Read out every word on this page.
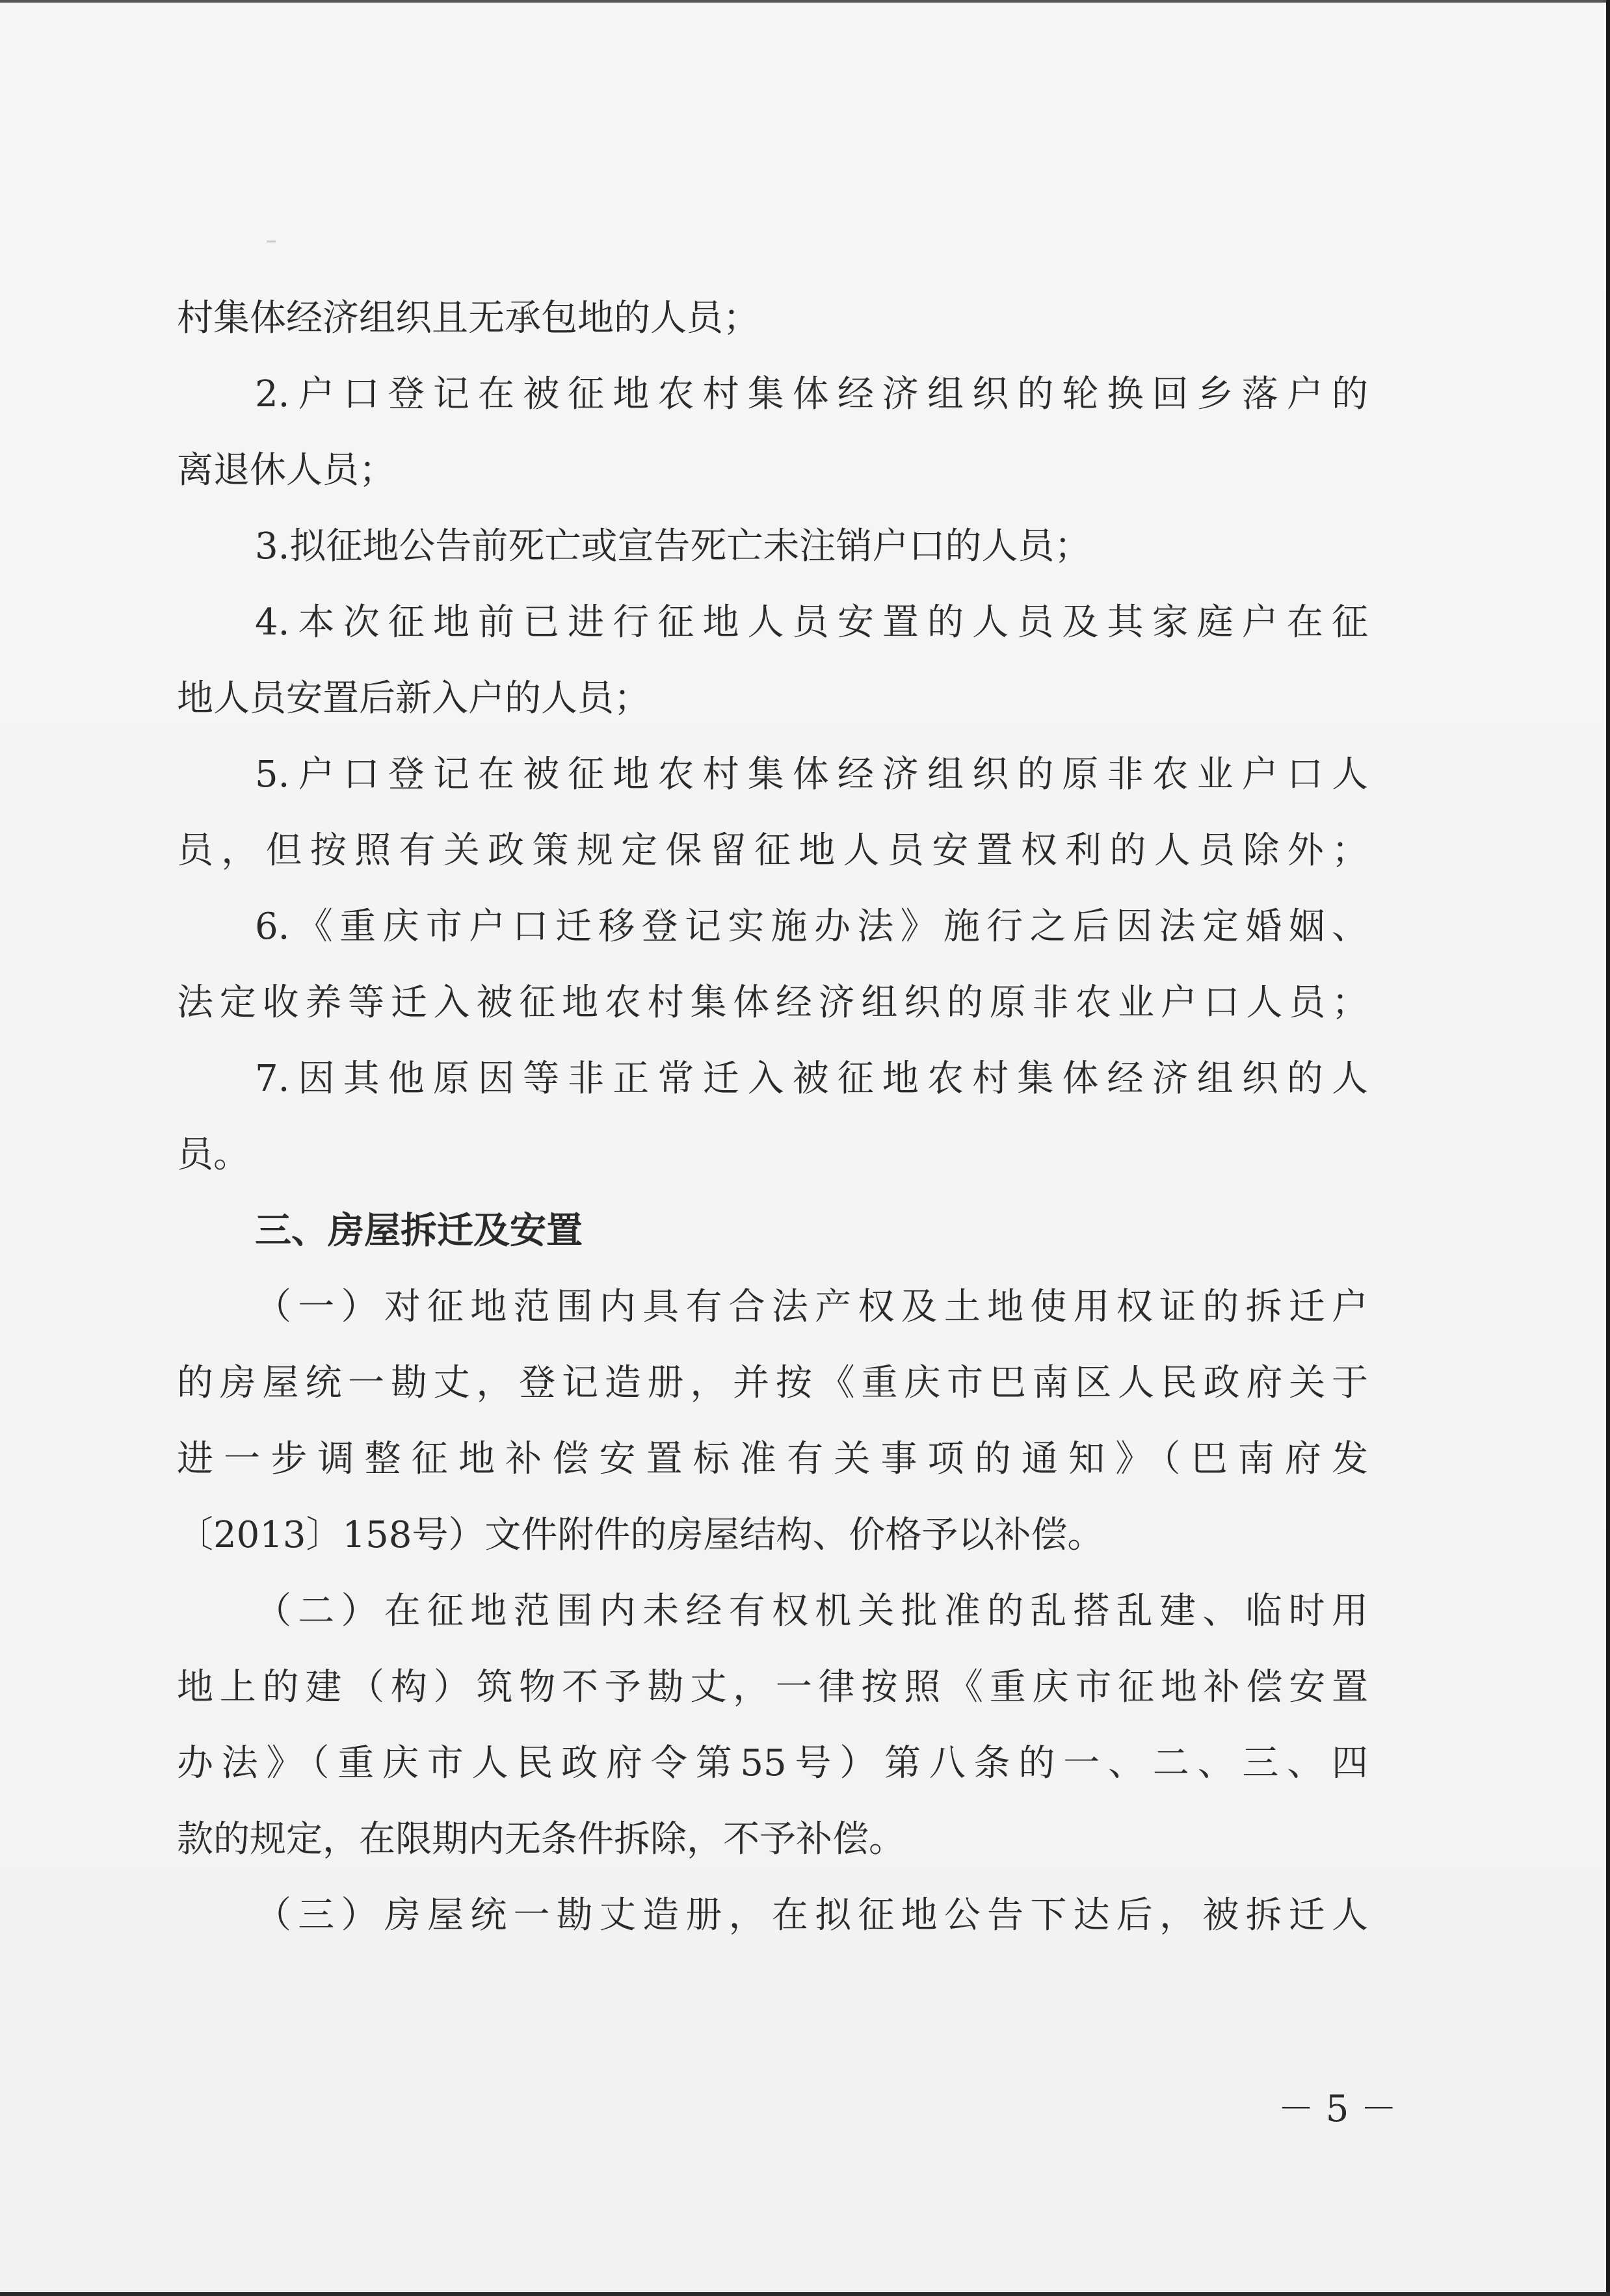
村集体经济组织且无承包地的人员；
2.户口登记在被征地农村集体经济组织的轮换回乡落户的
离退休人员；
3.拟征地公告前死亡或宣告死亡未注销户口的人员；
4.本次征地前已进行征地人员安置的人员及其家庭户在征
地人员安置后新入户的人员；
5.户口登记在被征地农村集体经济组织的原非农业户口人
员，但按照有关政策规定保留征地人员安置权利的人员除外；
6.《重庆市户口迁移登记实施办法》施行之后因法定婚姻、
法定收养等迁入被征地农村集体经济组织的原非农业户口人员；
7.因其他原因等非正常迁入被征地农村集体经济组织的人
员。
三、房屋拆迁及安置
（一）对征地范围内具有合法产权及土地使用权证的拆迁户
的房屋统一勘丈，登记造册，并按《重庆市巴南区人民政府关于
进一步调整征地补偿安置标准有关事项的通知》（巴南府发
〔2013〕158号）文件附件的房屋结构、价格予以补偿。
（二）在征地范围内未经有权机关批准的乱搭乱建、临时用
地上的建（构）筑物不予勘丈，一律按照《重庆市征地补偿安置
办法》（重庆市人民政府令第55号）第八条的一、二、三、四
款的规定，在限期内无条件拆除，不予补偿。
（三）房屋统一勘丈造册，在拟征地公告下达后，被拆迁人
－ 5 －
